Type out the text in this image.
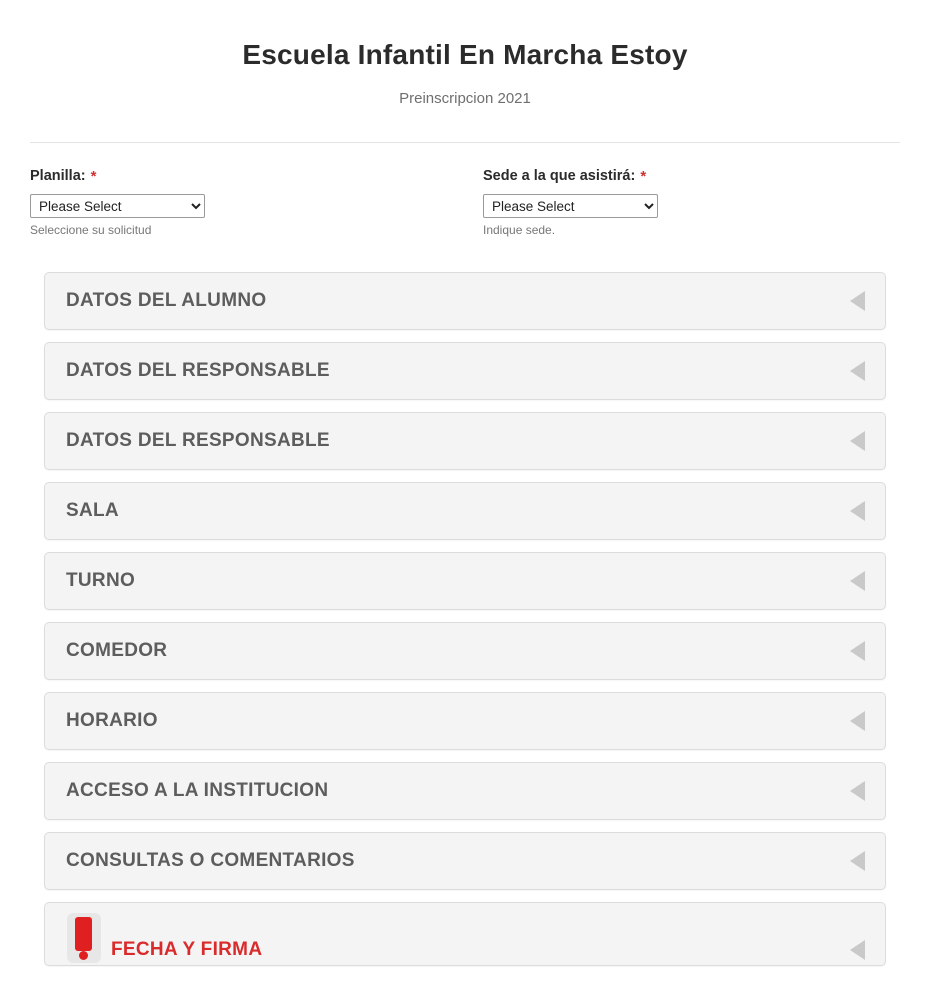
Escuela Infantil En Marcha Estoy

Preinscripcion 2021

Planilla: *
Please Select
Seleccione su solicitud
Sede a la que asistirá: *
Please Select
Indique sede.
DATOS DEL ALUMNO
DATOS DEL RESPONSABLE
DATOS DEL RESPONSABLE
SALA
TURNO
COMEDOR
HORARIO
ACCESO A LA INSTITUCION
CONSULTAS O COMENTARIOS
FECHA Y FIRMA
